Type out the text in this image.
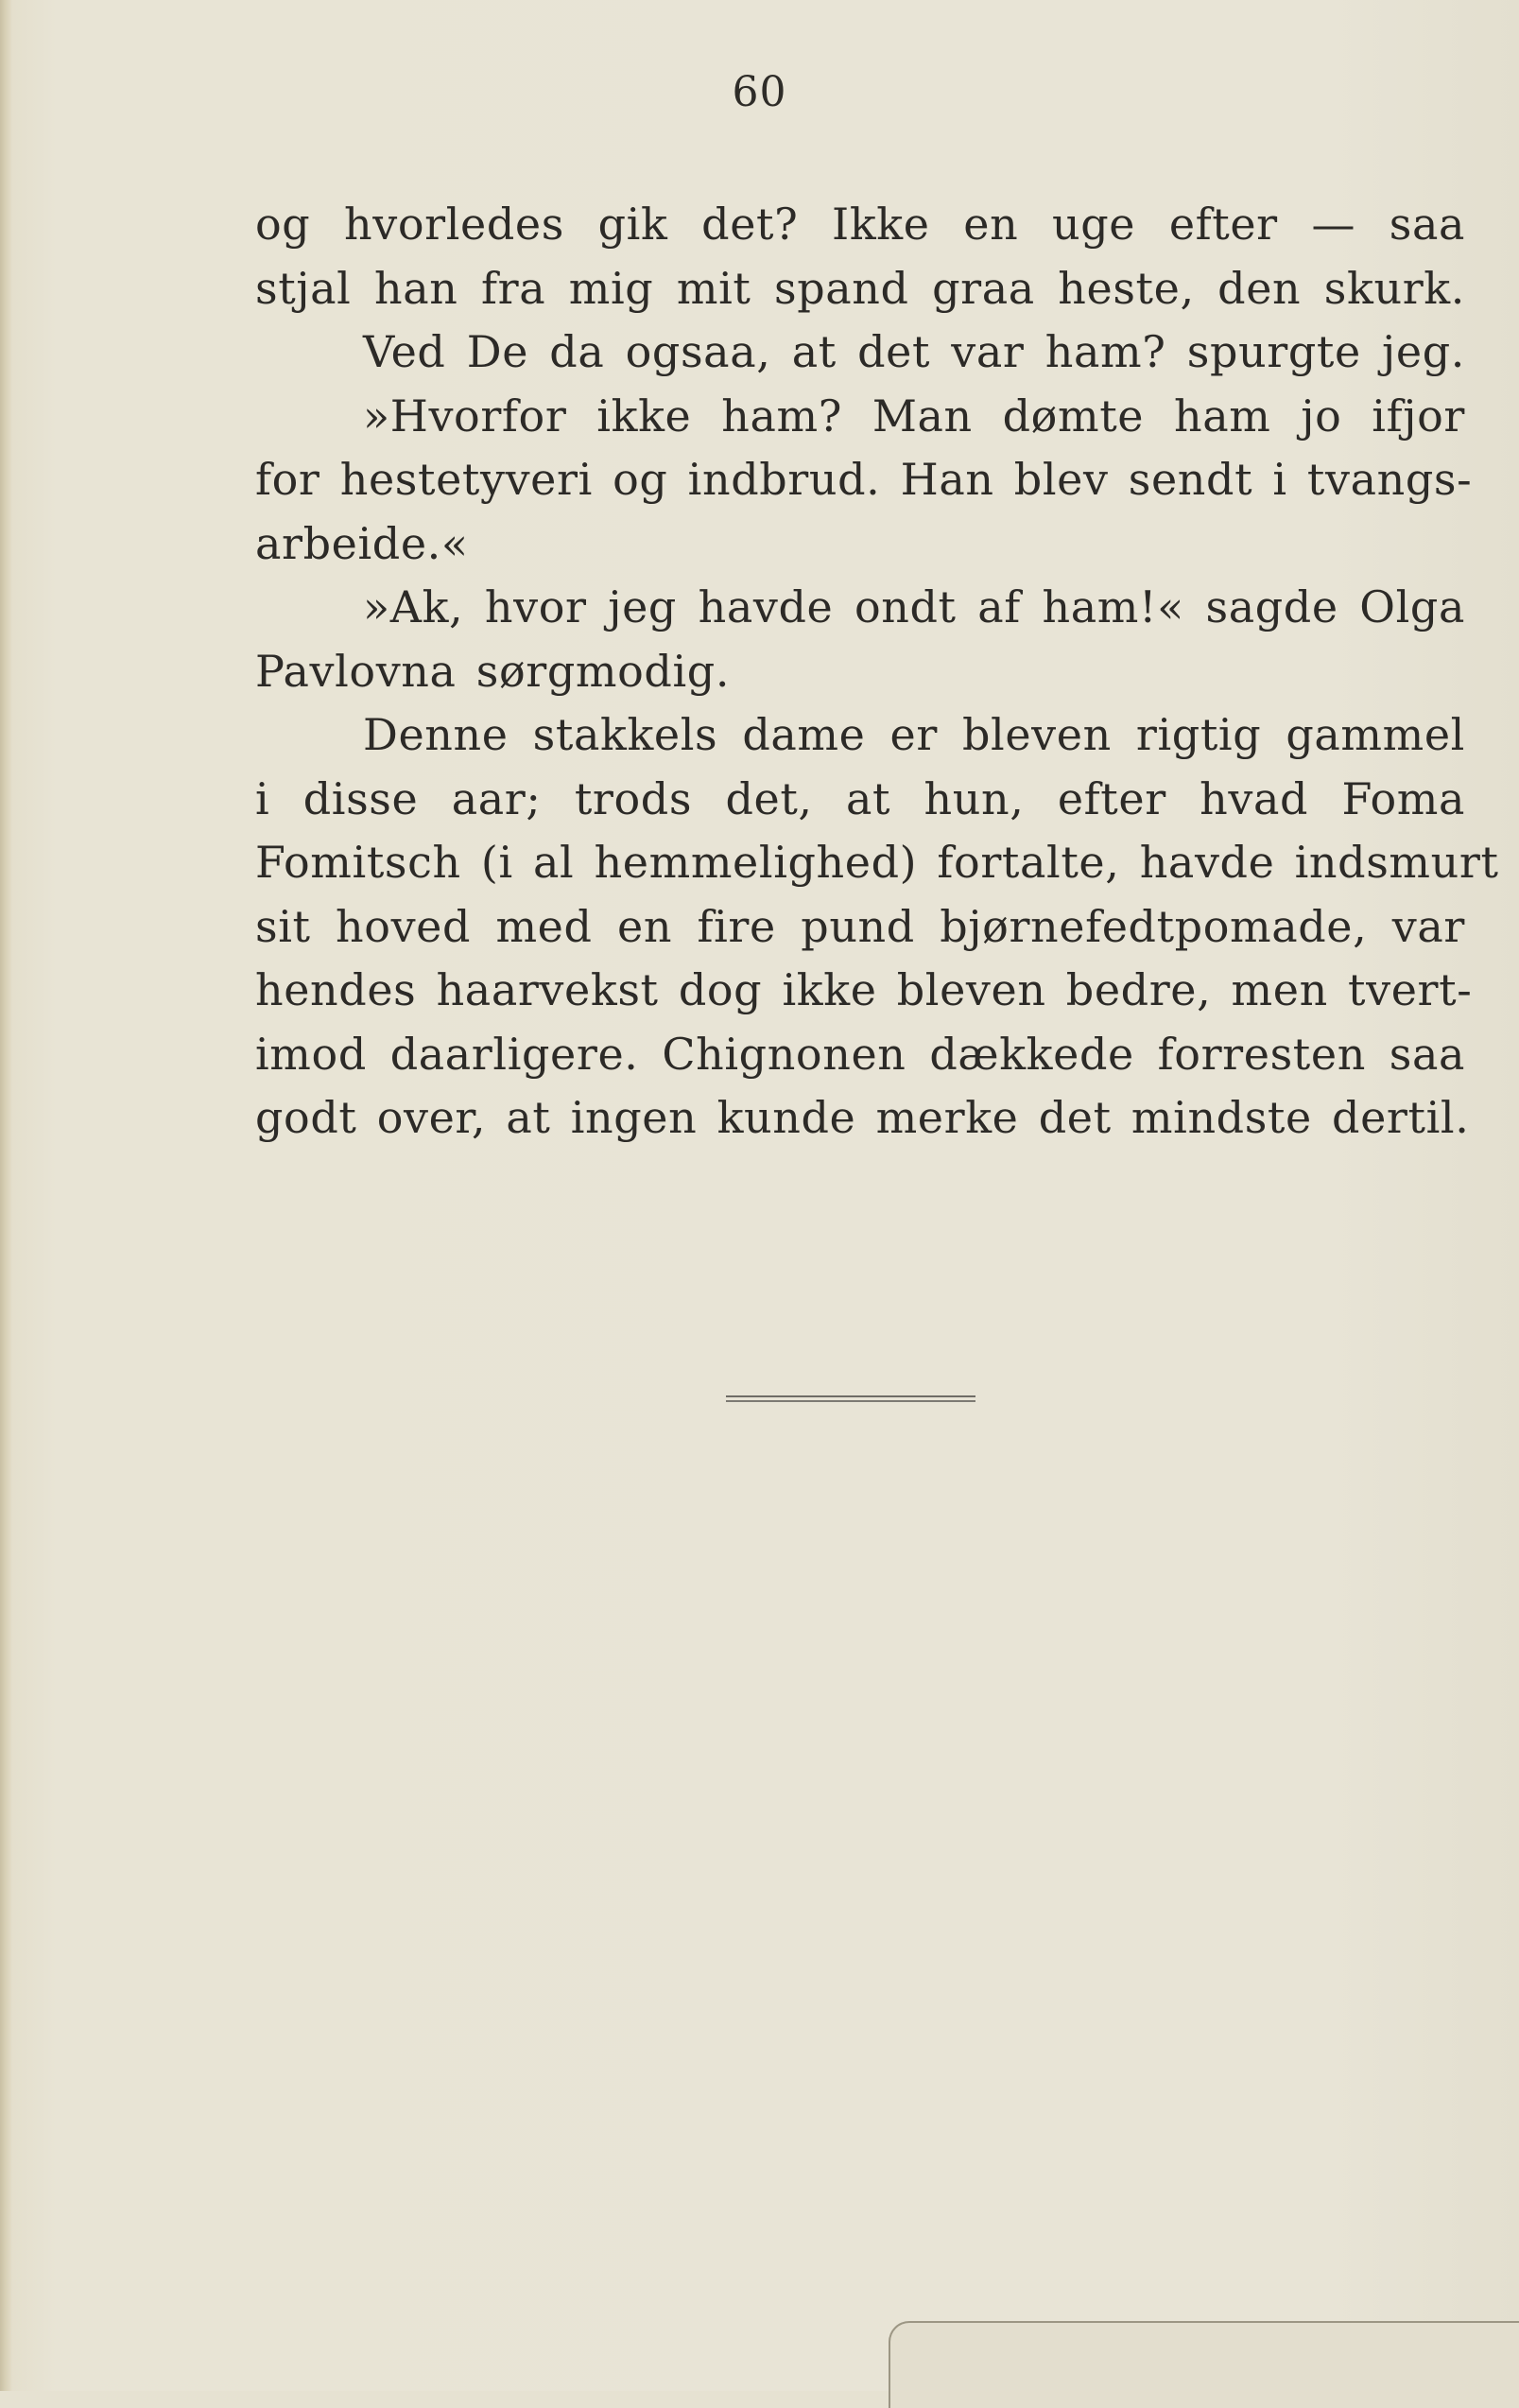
60
og hvorledes gik det? Ikke en uge efter — saa
stjal han fra mig mit spand graa heste, den skurk.
Ved De da ogsaa, at det var ham? spurgte jeg.
»Hvorfor ikke ham? Man dømte ham jo ifjor
for hestetyveri og indbrud. Han blev sendt i tvangs-
arbeide.«
»Ak, hvor jeg havde ondt af ham!« sagde Olga
Pavlovna sørgmodig.
Denne stakkels dame er bleven rigtig gammel
i disse aar; trods det, at hun, efter hvad Foma
Fomitsch (i al hemmelighed) fortalte, havde indsmurt
sit hoved med en fire pund bjørnefedtpomade, var
hendes haarvekst dog ikke bleven bedre, men tvert-
imod daarligere. Chignonen dækkede forresten saa
godt over, at ingen kunde merke det mindste dertil.
